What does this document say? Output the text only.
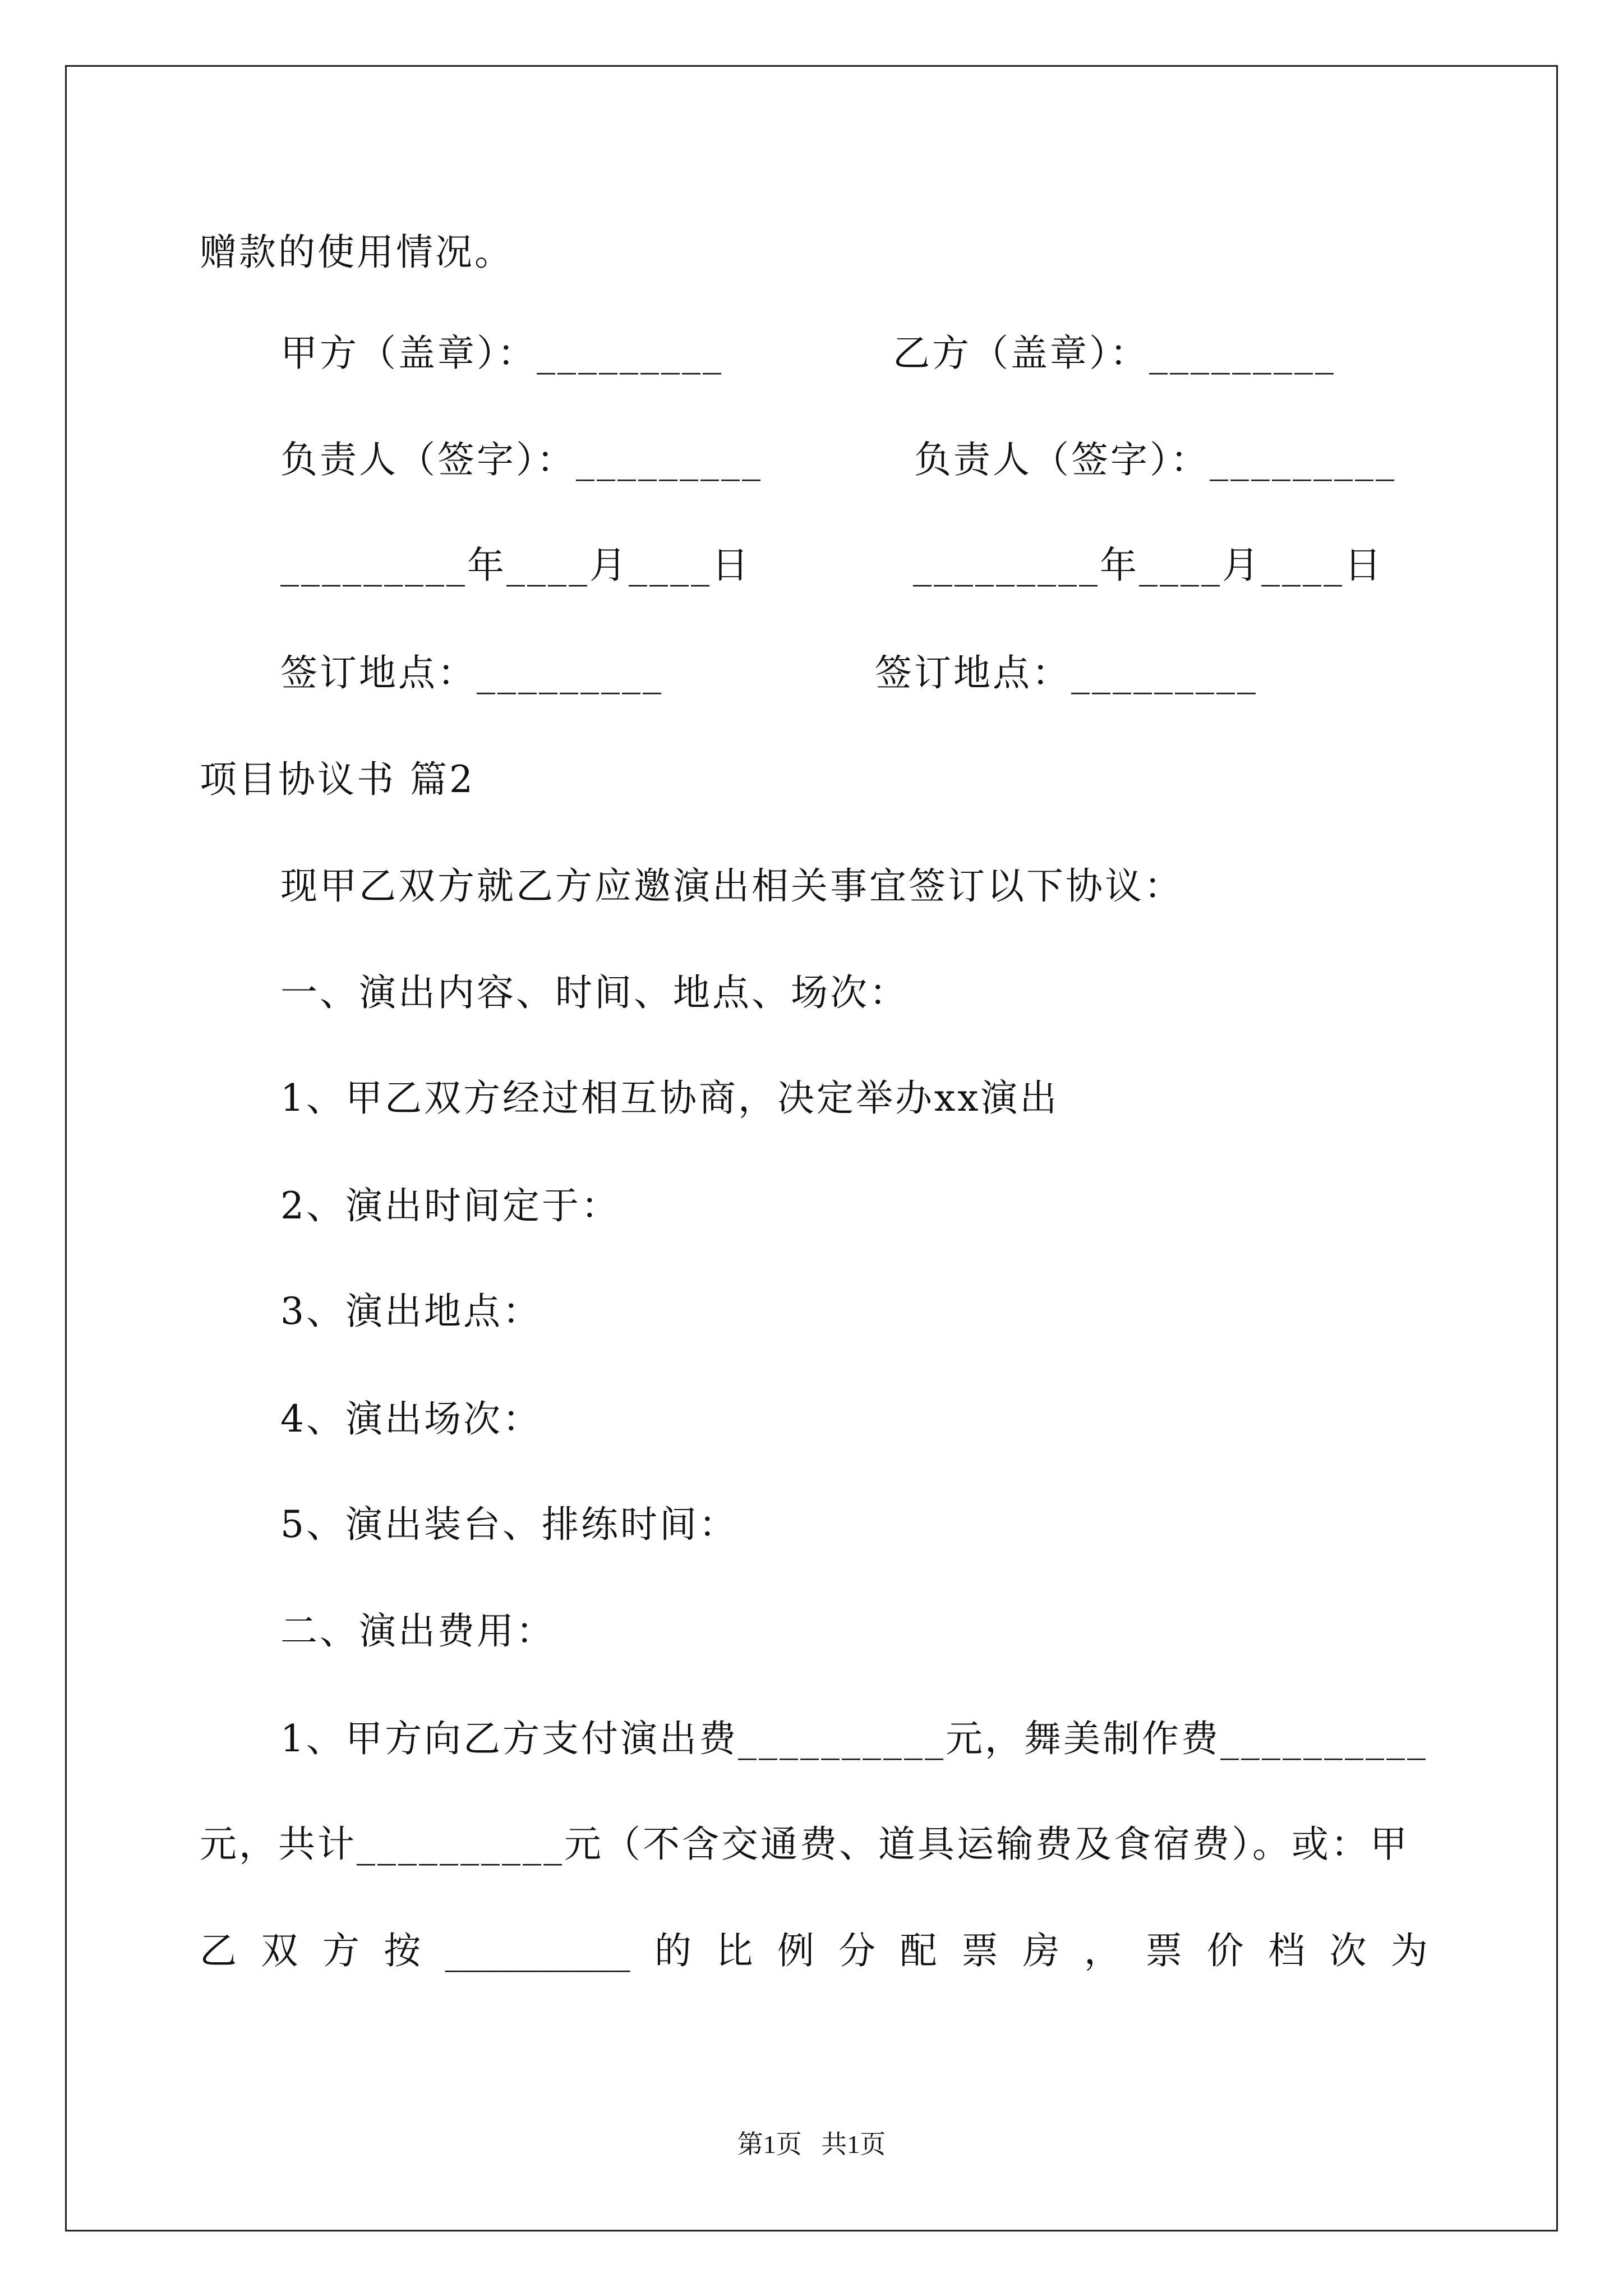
赠款的使用情况。
甲方（盖章）：_________	乙方（盖章）：_________
负责人（签字）：_________	负责人（签字）：_________
_________年____月____日	_________年____月____日
签订地点：_________	签订地点：_________
项目协议书 篇2
现甲乙双方就乙方应邀演出相关事宜签订以下协议：
一、演出内容、时间、地点、场次：
1、甲乙双方经过相互协商，决定举办xx演出
2、演出时间定于：
3、演出地点：
4、演出场次：
5、演出装台、排练时间：
二、演出费用：
1、甲方向乙方支付演出费__________元，舞美制作费__________
元，共计__________元（不含交通费、道具运输费及食宿费）。或：甲
乙 双 方 按 __________ 的 比 例 分 配 票 房 ， 票 价 档 次 为
第1页   共1页
